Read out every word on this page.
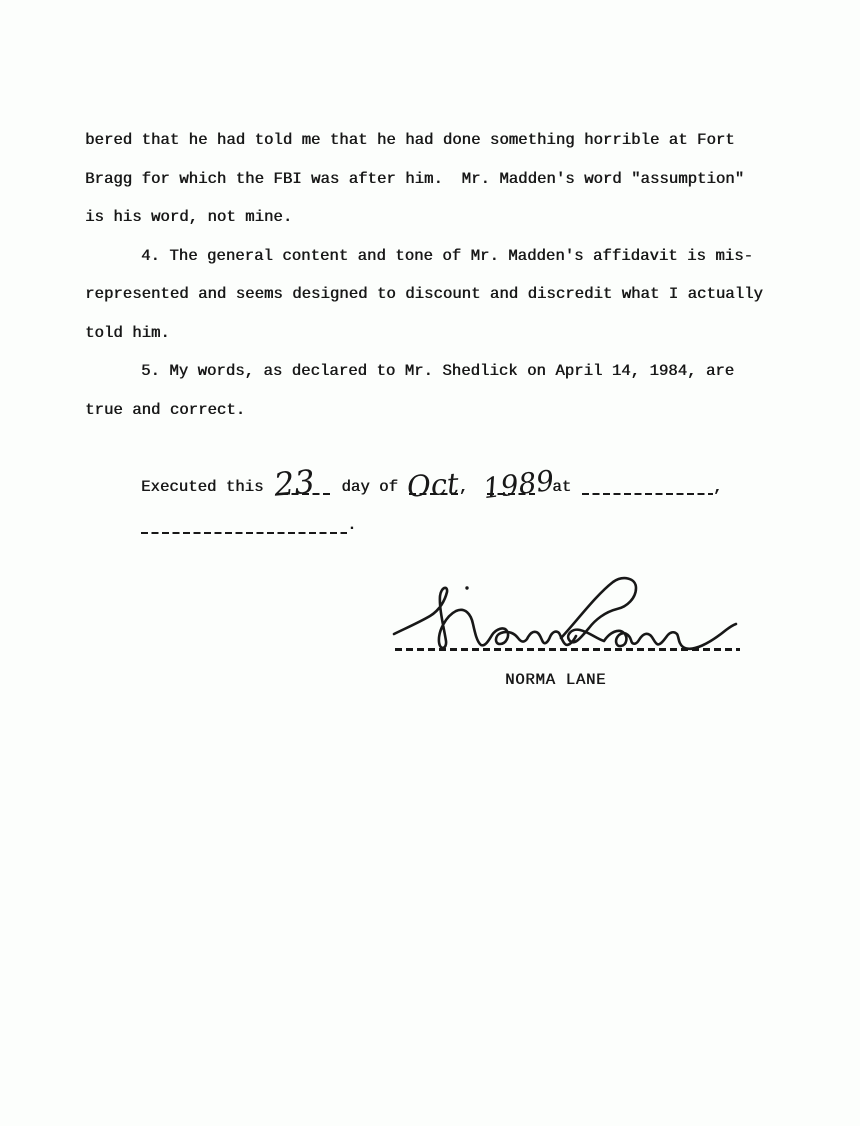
bered that he had told me that he had done something horrible at Fort
Bragg for which the FBI was after him.  Mr. Madden's word "assumption"
is his word, not mine.
4. The general content and tone of Mr. Madden's affidavit is mis-
represented and seems designed to discount and discredit what I actually
told him.
5. My words, as declared to Mr. Shedlick on April 14, 1984, are
true and correct.
Executed this 23 day of Oct , 1989
at	,
.
NORMA LANE
